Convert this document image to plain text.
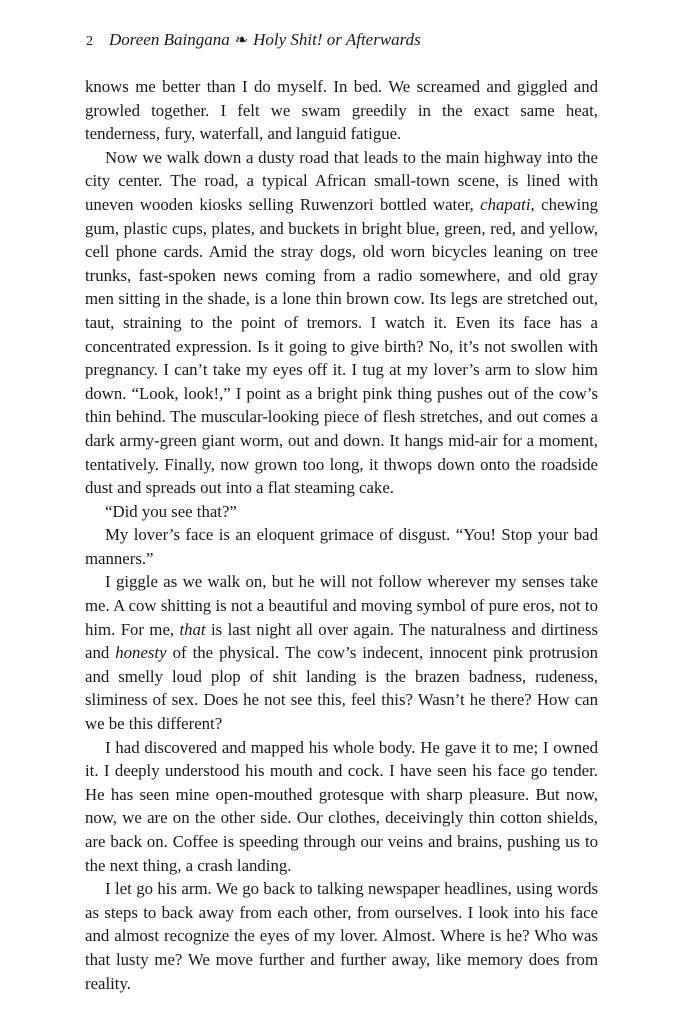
2 Doreen Baingana ❧ Holy Shit! or Afterwards

knows me better than I do myself. In bed. We screamed and giggled and growled together. I felt we swam greedily in the exact same heat, tenderness, fury, waterfall, and languid fatigue.

Now we walk down a dusty road that leads to the main highway into the city center. The road, a typical African small-town scene, is lined with uneven wooden kiosks selling Ruwenzori bottled water, chapati, chewing gum, plastic cups, plates, and buckets in bright blue, green, red, and yellow, cell phone cards. Amid the stray dogs, old worn bicycles leaning on tree trunks, fast-spoken news coming from a radio somewhere, and old gray men sitting in the shade, is a lone thin brown cow. Its legs are stretched out, taut, straining to the point of tremors. I watch it. Even its face has a concentrated expression. Is it going to give birth? No, it’s not swollen with pregnancy. I can’t take my eyes off it. I tug at my lover’s arm to slow him down. “Look, look!,” I point as a bright pink thing pushes out of the cow’s thin behind. The muscular-looking piece of flesh stretches, and out comes a dark army-green giant worm, out and down. It hangs mid-air for a moment, tentatively. Finally, now grown too long, it thwops down onto the roadside dust and spreads out into a flat steaming cake.

“Did you see that?”

My lover’s face is an eloquent grimace of disgust. “You! Stop your bad manners.”

I giggle as we walk on, but he will not follow wherever my senses take me. A cow shitting is not a beautiful and moving symbol of pure eros, not to him. For me, that is last night all over again. The naturalness and dirtiness and honesty of the physical. The cow’s indecent, innocent pink protrusion and smelly loud plop of shit landing is the brazen badness, rudeness, sliminess of sex. Does he not see this, feel this? Wasn’t he there? How can we be this different?

I had discovered and mapped his whole body. He gave it to me; I owned it. I deeply understood his mouth and cock. I have seen his face go tender. He has seen mine open-mouthed grotesque with sharp pleasure. But now, now, we are on the other side. Our clothes, deceivingly thin cotton shields, are back on. Coffee is speeding through our veins and brains, pushing us to the next thing, a crash landing.

I let go his arm. We go back to talking newspaper headlines, using words as steps to back away from each other, from ourselves. I look into his face and almost recognize the eyes of my lover. Almost. Where is he? Who was that lusty me? We move further and further away, like memory does from reality.
